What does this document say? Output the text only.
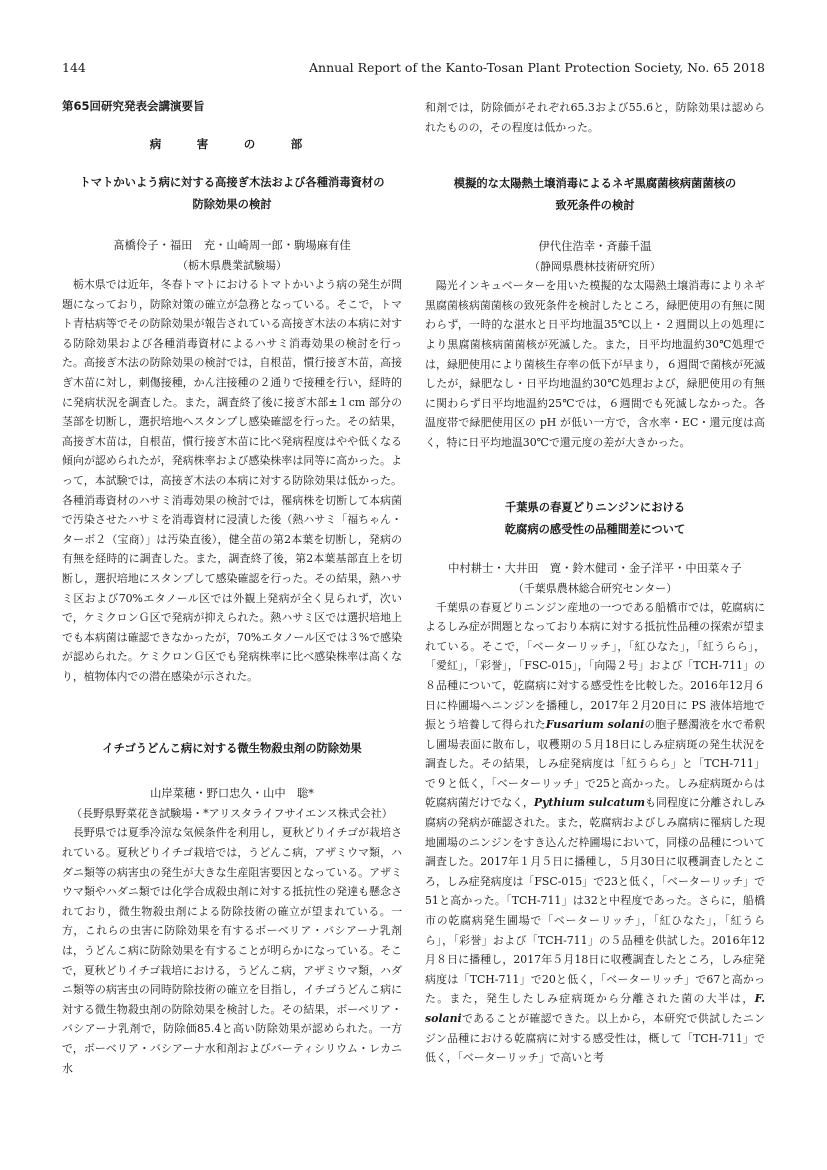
144	Annual Report of the Kanto-Tosan Plant Protection Society, No. 65 2018

第65回研究発表会講演要旨

病　害　の　部

トマトかいよう病に対する高接ぎ木法および各種消毒資材の

防除効果の検討

髙橋伶子・福田　充・山崎周一郎・駒場麻有佳

（栃木県農業試験場）

栃木県では近年，冬春トマトにおけるトマトかいよう病の発生が問題になっており，防除対策の確立が急務となっている。そこで，トマト青枯病等でその防除効果が報告されている高接ぎ木法の本病に対する防除効果および各種消毒資材によるハサミ消毒効果の検討を行った。高接ぎ木法の防除効果の検討では，自根苗，慣行接ぎ木苗，高接ぎ木苗に対し，刺傷接種，かん注接種の２通りで接種を行い，経時的に発病状況を調査した。また，調査終了後に接ぎ木部±１cm 部分の茎部を切断し，選択培地へスタンプし感染確認を行った。その結果，高接ぎ木苗は，自根苗，慣行接ぎ木苗に比べ発病程度はやや低くなる傾向が認められたが，発病株率および感染株率は同等に高かった。よって，本試験では，高接ぎ木法の本病に対する防除効果は低かった。各種消毒資材のハサミ消毒効果の検討では，罹病株を切断して本病菌で汚染させたハサミを消毒資材に浸漬した後（熱ハサミ「福ちゃん・ターボ２（宝商）」は汚染直後），健全苗の第2本葉を切断し，発病の有無を経時的に調査した。また，調査終了後，第2本葉基部直上を切断し，選択培地にスタンプして感染確認を行った。その結果，熱ハサミ区および70%エタノール区では外観上発病が全く見られず，次いで，ケミクロンＧ区で発病が抑えられた。熱ハサミ区では選択培地上でも本病菌は確認できなかったが，70%エタノール区では３%で感染が認められた。ケミクロンＧ区でも発病株率に比べ感染株率は高くなり，植物体内での潜在感染が示された。

イチゴうどんこ病に対する微生物殺虫剤の防除効果

山岸菜穂・野口忠久・山中　聡*

（長野県野菜花き試験場・*アリスタライフサイエンス株式会社）

長野県では夏季冷涼な気候条件を利用し，夏秋どりイチゴが栽培されている。夏秋どりイチゴ栽培では，うどんこ病，アザミウマ類，ハダニ類等の病害虫の発生が大きな生産阻害要因となっている。アザミウマ類やハダニ類では化学合成殺虫剤に対する抵抗性の発達も懸念されており，微生物殺虫剤による防除技術の確立が望まれている。一方，これらの虫害に防除効果を有するボーベリア・バシアーナ乳剤は，うどんこ病に防除効果を有することが明らかになっている。そこで，夏秋どりイチゴ栽培における，うどんこ病，アザミウマ類，ハダニ類等の病害虫の同時防除技術の確立を目指し，イチゴうどんこ病に対する微生物殺虫剤の防除効果を検討した。その結果，ボーベリア・バシアーナ乳剤で，防除価85.4と高い防除効果が認められた。一方で，ボーベリア・バシアーナ水和剤およびバーティシリウム・レカニ水

和剤では，防除価がそれぞれ65.3および55.6と，防除効果は認められたものの，その程度は低かった。

模擬的な太陽熱土壌消毒によるネギ黒腐菌核病菌菌核の

致死条件の検討

伊代住浩幸・斉藤千温

（静岡県農林技術研究所）

陽光インキュベーターを用いた模擬的な太陽熱土壌消毒によりネギ黒腐菌核病菌菌核の致死条件を検討したところ，緑肥使用の有無に関わらず，一時的な湛水と日平均地温35℃以上・２週間以上の処理により黒腐菌核病菌菌核が死滅した。また，日平均地温約30℃処理では，緑肥使用により菌核生存率の低下が早まり，６週間で菌核が死滅したが，緑肥なし・日平均地温約30℃処理および，緑肥使用の有無に関わらず日平均地温約25℃では，６週間でも死滅しなかった。各温度帯で緑肥使用区の pH が低い一方で，含水率・EC・還元度は高く，特に日平均地温30℃で還元度の差が大きかった。

千葉県の春夏どりニンジンにおける

乾腐病の感受性の品種間差について

中村耕士・大井田　寛・鈴木健司・金子洋平・中田菜々子

（千葉県農林総合研究センター）

千葉県の春夏どりニンジン産地の一つである船橋市では，乾腐病によるしみ症が問題となっており本病に対する抵抗性品種の探索が望まれている。そこで，「ベーターリッチ」，「紅ひなた」，「紅うらら」，「愛紅」，「彩誉」，「FSC-015」，「向陽２号」および「TCH-711」の８品種について，乾腐病に対する感受性を比較した。2016年12月６日に枠圃場へニンジンを播種し，2017年２月20日に PS 液体培地で振とう培養して得られたFusarium solaniの胞子懸濁液を水で希釈し圃場表面に散布し，収穫期の５月18日にしみ症病斑の発生状況を調査した。その結果，しみ症発病度は「紅うらら」と「TCH-711」で９と低く，「ベーターリッチ」で25と高かった。しみ症病斑からは乾腐病菌だけでなく，Pythium sulcatumも同程度に分離されしみ腐病の発病が確認された。また，乾腐病およびしみ腐病に罹病した現地圃場のニンジンをすき込んだ枠圃場において，同様の品種について調査した。2017年１月５日に播種し，５月30日に収穫調査したところ，しみ症発病度は「FSC-015」で23と低く，「ベーターリッチ」で51と高かった。「TCH-711」は32と中程度であった。さらに，船橋市の乾腐病発生圃場で「ベーターリッチ」，「紅ひなた」，「紅うらら」，「彩誉」および「TCH-711」の５品種を供試した。2016年12月８日に播種し，2017年５月18日に収穫調査したところ，しみ症発病度は「TCH-711」で20と低く，「ベーターリッチ」で67と高かった。また，発生したしみ症病斑から分離された菌の大半は，F. solaniであることが確認できた。以上から，本研究で供試したニンジン品種における乾腐病に対する感受性は，概して「TCH-711」で低く，「ベーターリッチ」で高いと考
